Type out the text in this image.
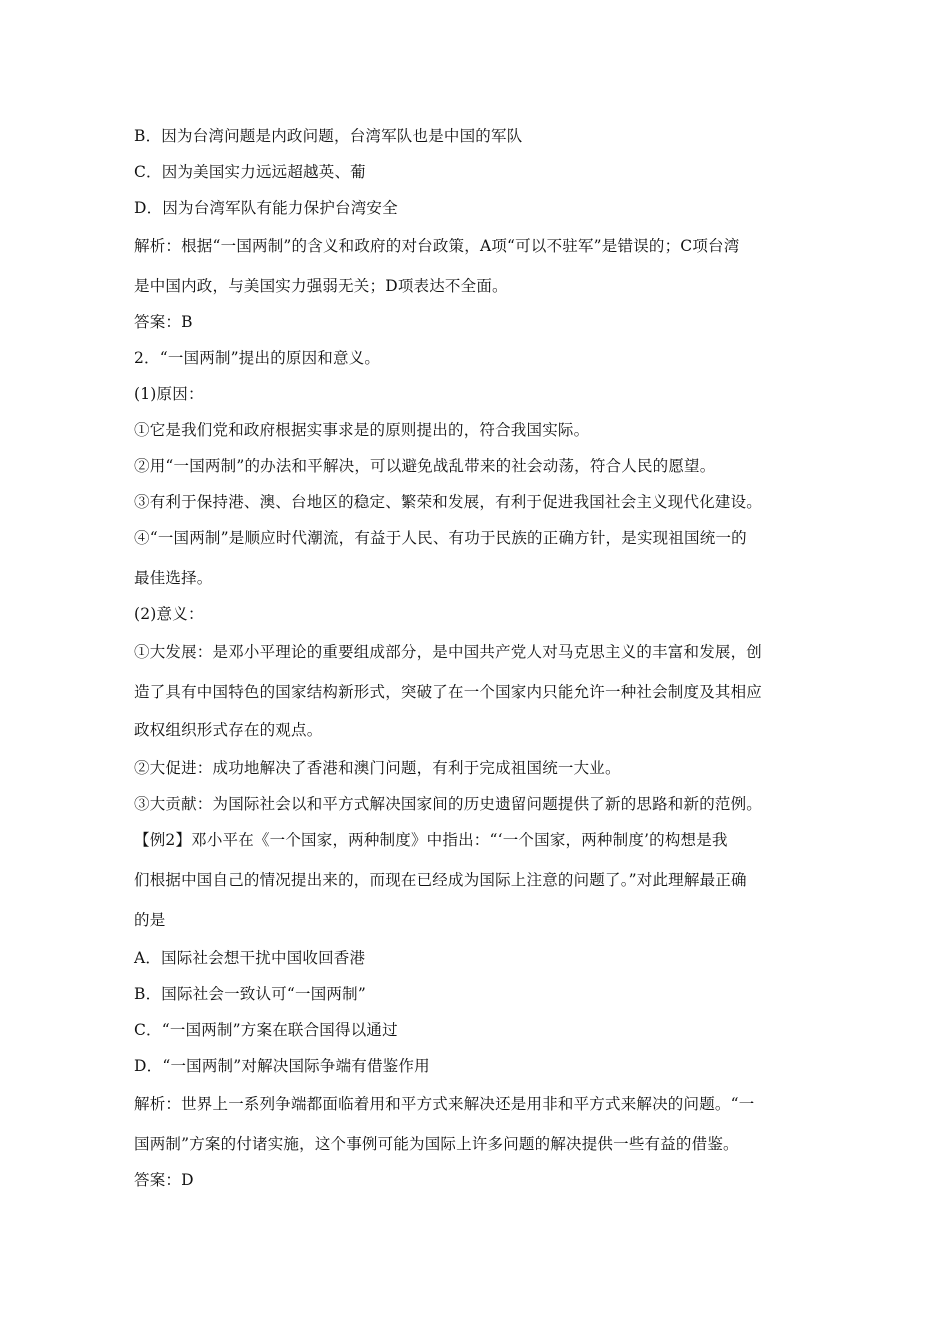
B．因为台湾问题是内政问题，台湾军队也是中国的军队
C．因为美国实力远远超越英、葡
D．因为台湾军队有能力保护台湾安全
解析：根据“一国两制”的含义和政府的对台政策，A项“可以不驻军”是错误的；C项台湾
是中国内政，与美国实力强弱无关；D项表达不全面。
答案：B
2．“一国两制”提出的原因和意义。
(1)原因：
①它是我们党和政府根据实事求是的原则提出的，符合我国实际。
②用“一国两制”的办法和平解决，可以避免战乱带来的社会动荡，符合人民的愿望。
③有利于保持港、澳、台地区的稳定、繁荣和发展，有利于促进我国社会主义现代化建设。
④“一国两制”是顺应时代潮流，有益于人民、有功于民族的正确方针，是实现祖国统一的
最佳选择。
(2)意义：
①大发展：是邓小平理论的重要组成部分，是中国共产党人对马克思主义的丰富和发展，创
造了具有中国特色的国家结构新形式，突破了在一个国家内只能允许一种社会制度及其相应
政权组织形式存在的观点。
②大促进：成功地解决了香港和澳门问题，有利于完成祖国统一大业。
③大贡献：为国际社会以和平方式解决国家间的历史遗留问题提供了新的思路和新的范例。
【例2】邓小平在《一个国家，两种制度》中指出：“‘一个国家，两种制度’的构想是我
们根据中国自己的情况提出来的，而现在已经成为国际上注意的问题了。”对此理解最正确
的是
A．国际社会想干扰中国收回香港
B．国际社会一致认可“一国两制”
C．“一国两制”方案在联合国得以通过
D．“一国两制”对解决国际争端有借鉴作用
解析：世界上一系列争端都面临着用和平方式来解决还是用非和平方式来解决的问题。“一
国两制”方案的付诸实施，这个事例可能为国际上许多问题的解决提供一些有益的借鉴。
答案：D
